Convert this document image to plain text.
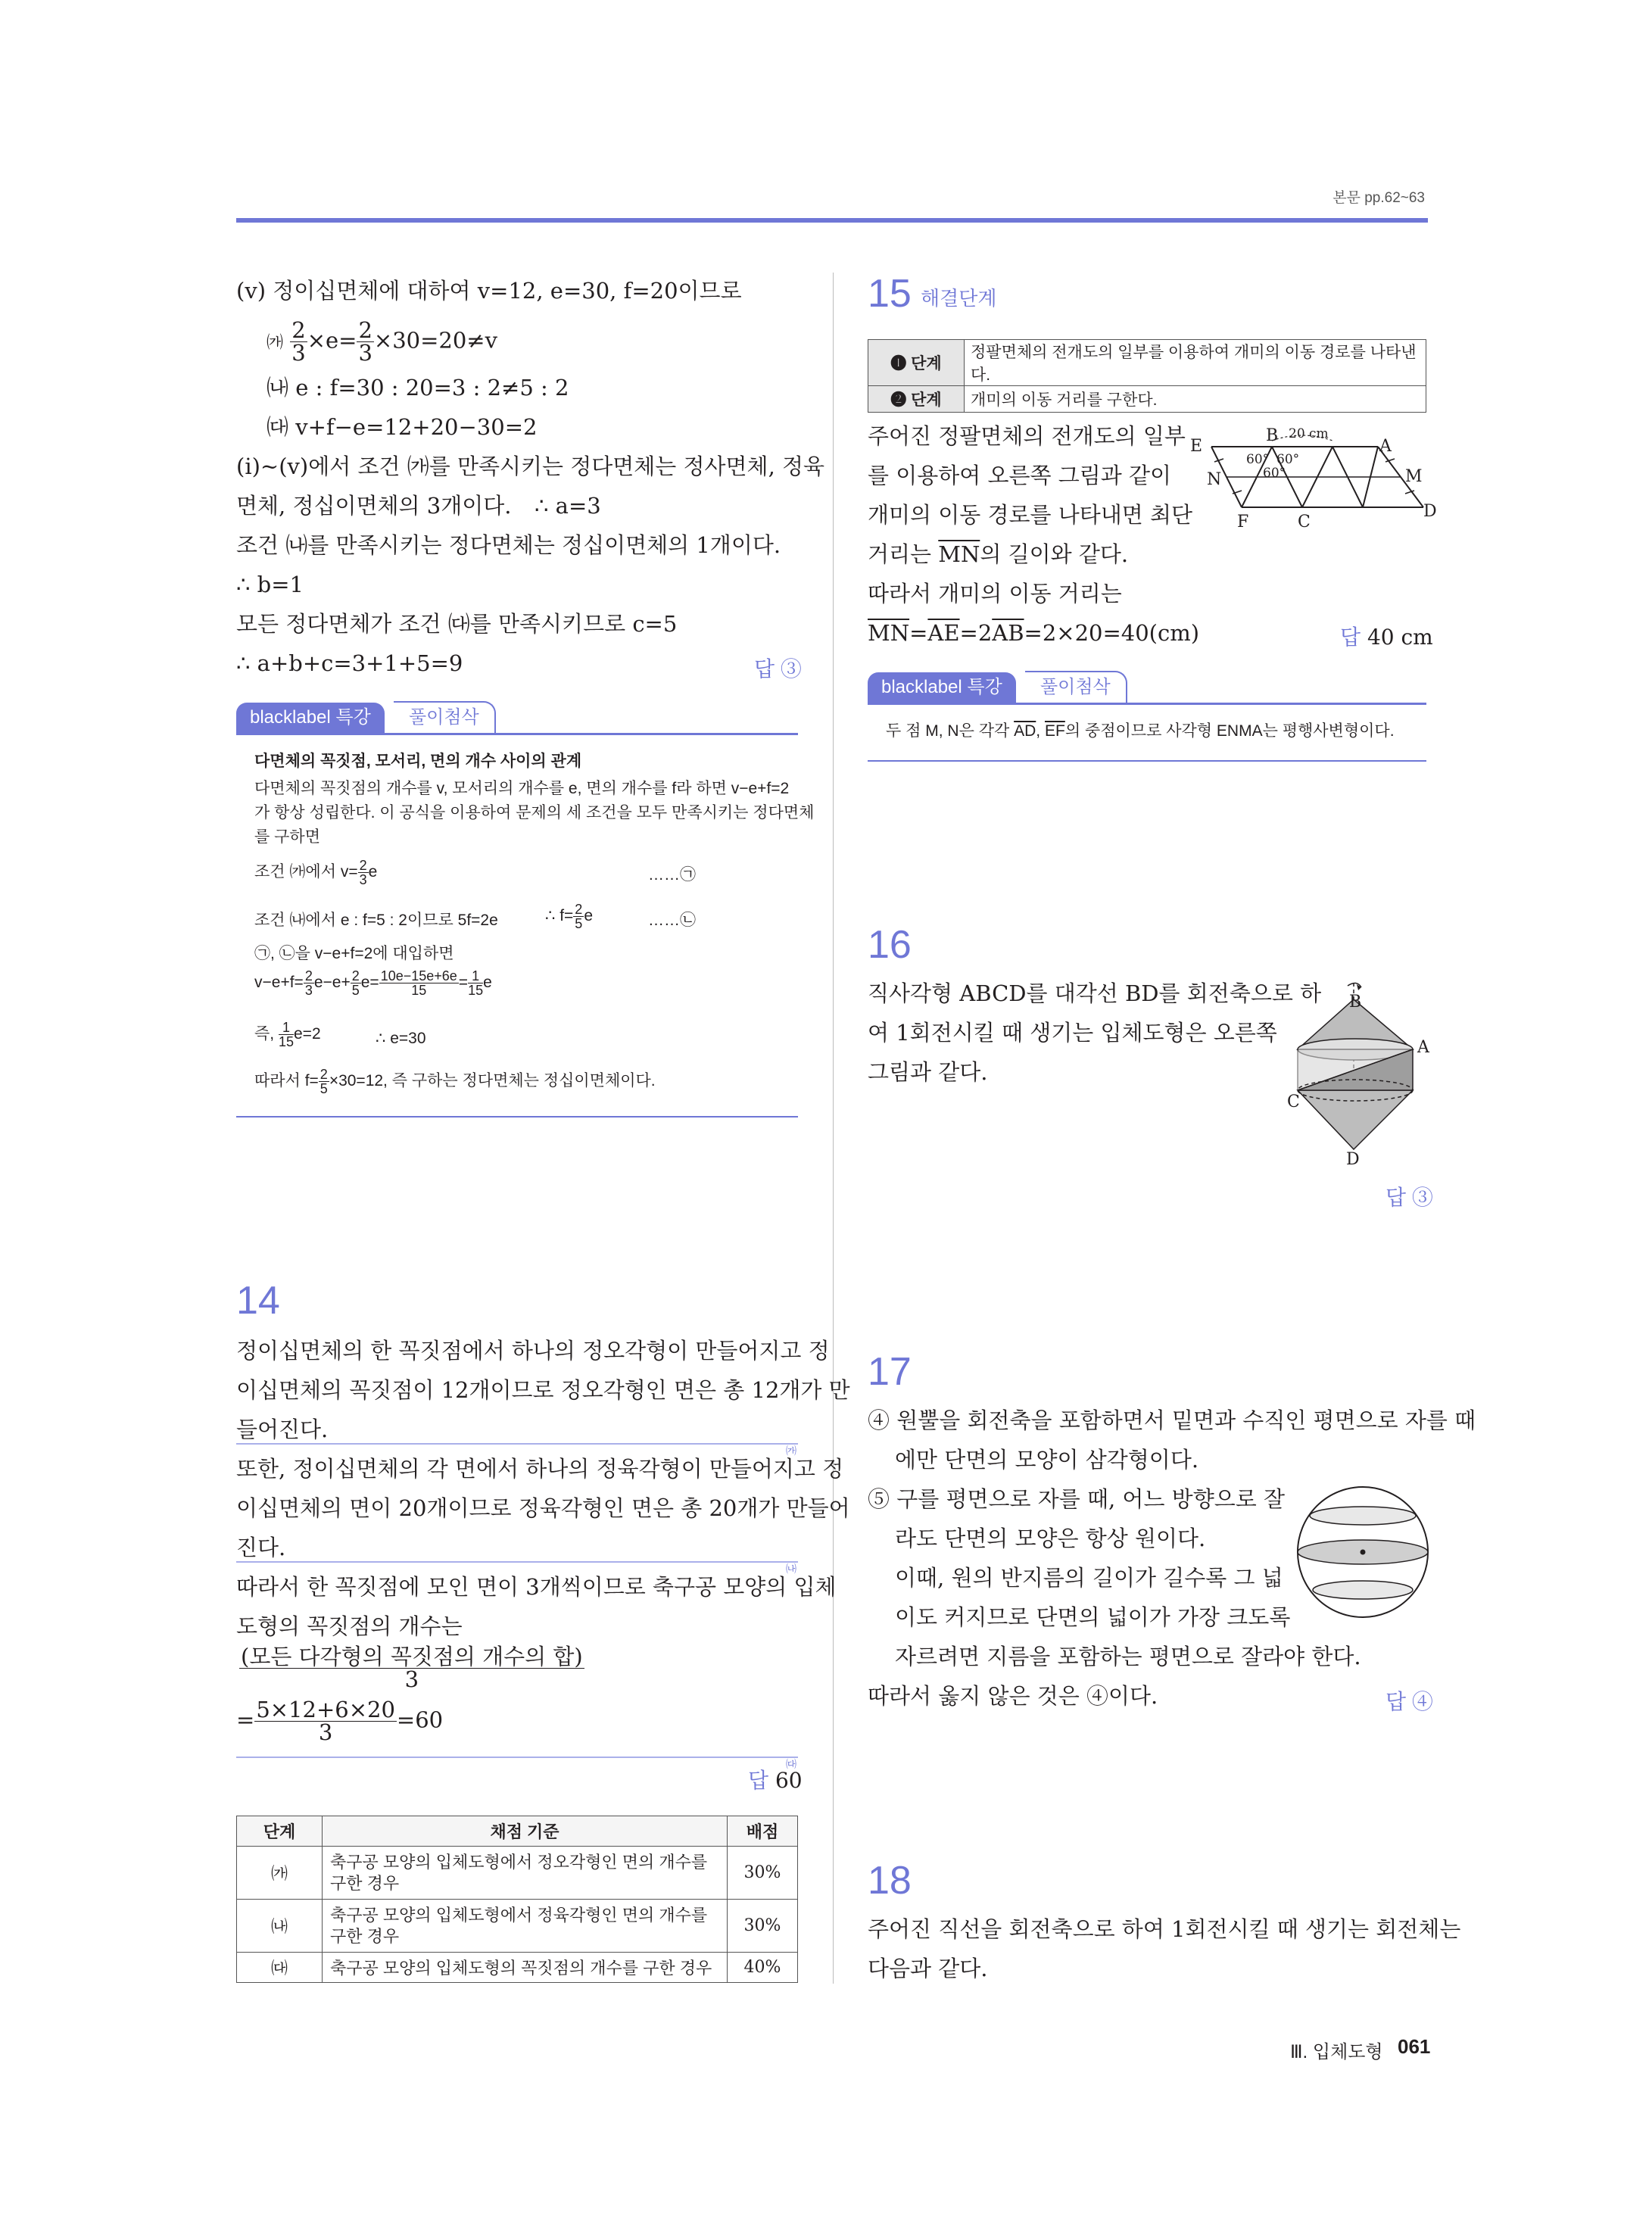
본문 pp.62~63
(ⅴ) 정이십면체에 대하여 v=12, e=30, f=20이므로
㈎ $\frac{2}{3} \times e= \frac{2}{3} \times 30=20\ne v$
㈏ e : f=30 : 20=3 : 2≠5 : 2
㈐ v+f−e=12+20−30=2
(ⅰ)~(ⅴ)에서 조건 ㈎를 만족시키는 정다면체는 정사면체, 정육
면체, 정십이면체의 3개이다. ∴ a=3
조건 ㈏를 만족시키는 정다면체는 정십이면체의 1개이다.
∴ b=1
모든 정다면체가 조건 ㈐를 만족시키므로 c=5
∴ a+b+c=3+1+5=9	답 ③
blacklabel 특강	풀이첨삭
다면체의 꼭짓점, 모서리, 면의 개수 사이의 관계
다면체의 꼭짓점의 개수를 v, 모서리의 개수를 e, 면의 개수를 f라 하면 v−e+f=2
가 항상 성립한다. 이 공식을 이용하여 문제의 세 조건을 모두 만족시키는 정다면체
를 구하면
조건 ㈎에서 $v= \frac{2}{3}$ e	……㉠
조건 ㈏에서 e : f=5 : 2이므로 5f=2e	∴ $f= \frac{2}{5}$ e	……㉡
㉠, ㉡을 v−e+f=2에 대입하면
$v-e+f= \frac{2}{3} e-e+ \frac{2}{5} e= \frac{10e-15e+6e}{15} = \frac{1}{15}$ e
즉, $\frac{1}{15} e=2$	∴ e=30
따라서 $f= \frac{2}{5} \times 30=12$, 즉 구하는 정다면체는 정십이면체이다.
14
정이십면체의 한 꼭짓점에서 하나의 정오각형이 만들어지고 정
이십면체의 꼭짓점이 12개이므로 정오각형인 면은 총 12개가 만
들어진다.
㈎
또한, 정이십면체의 각 면에서 하나의 정육각형이 만들어지고 정
이십면체의 면이 20개이므로 정육각형인 면은 총 20개가 만들어
진다.
㈏
따라서 한 꼭짓점에 모인 면이 3개씩이므로 축구공 모양의 입체
도형의 꼭짓점의 개수는
$\frac{\text{(모든 다각형의 꼭짓점의 개수의 합)}}{3}$
= $\frac{5\times 12+6\times 20}{3} =60$
㈐
답 60
단계	채점 기준	배점
㈎	축구공 모양의 입체도형에서 정오각형인 면의 개수를 구한 경우	30%
㈏	축구공 모양의 입체도형에서 정육각형인 면의 개수를 구한 경우	30%
㈐	축구공 모양의 입체도형의 꼭짓점의 개수를 구한 경우	40%
15 해결단계
❶ 단계	정팔면체의 전개도의 일부를 이용하여 개미의 이동 경로를 나타낸다.
❷ 단계	개미의 이동 거리를 구한다.
주어진 정팔면체의 전개도의 일부
를 이용하여 오른쪽 그림과 같이
개미의 이동 경로를 나타내면 최단
거리는 $\overline{MN}$의 길이와 같다.
따라서 개미의 이동 거리는
$\overline{MN}=\overline{AE}=2\overline{AB}=2\times 20=40(cm)$	답 40 cm
E
B
A
N	M
F	C
D
20 cm
60° 60°
60°
blacklabel 특강	풀이첨삭
두 점 M, N은 각각 $\overline{AD}$, $\overline{EF}$의 중점이므로 사각형 ENMA는 평행사변형이다.
16
직사각형 ABCD를 대각선 BD를 회전축으로 하
여 1회전시킬 때 생기는 입체도형은 오른쪽
그림과 같다.
B
A
C
D
답 ③
17
④ 원뿔을 회전축을 포함하면서 밑면과 수직인 평면으로 자를 때
에만 단면의 모양이 삼각형이다.
⑤ 구를 평면으로 자를 때, 어느 방향으로 잘
라도 단면의 모양은 항상 원이다.
이때, 원의 반지름의 길이가 길수록 그 넓
이도 커지므로 단면의 넓이가 가장 크도록
자르려면 지름을 포함하는 평면으로 잘라야 한다.
따라서 옳지 않은 것은 ④이다.	답 ④
18
주어진 직선을 회전축으로 하여 1회전시킬 때 생기는 회전체는
다음과 같다.
Ⅲ. 입체도형 061
